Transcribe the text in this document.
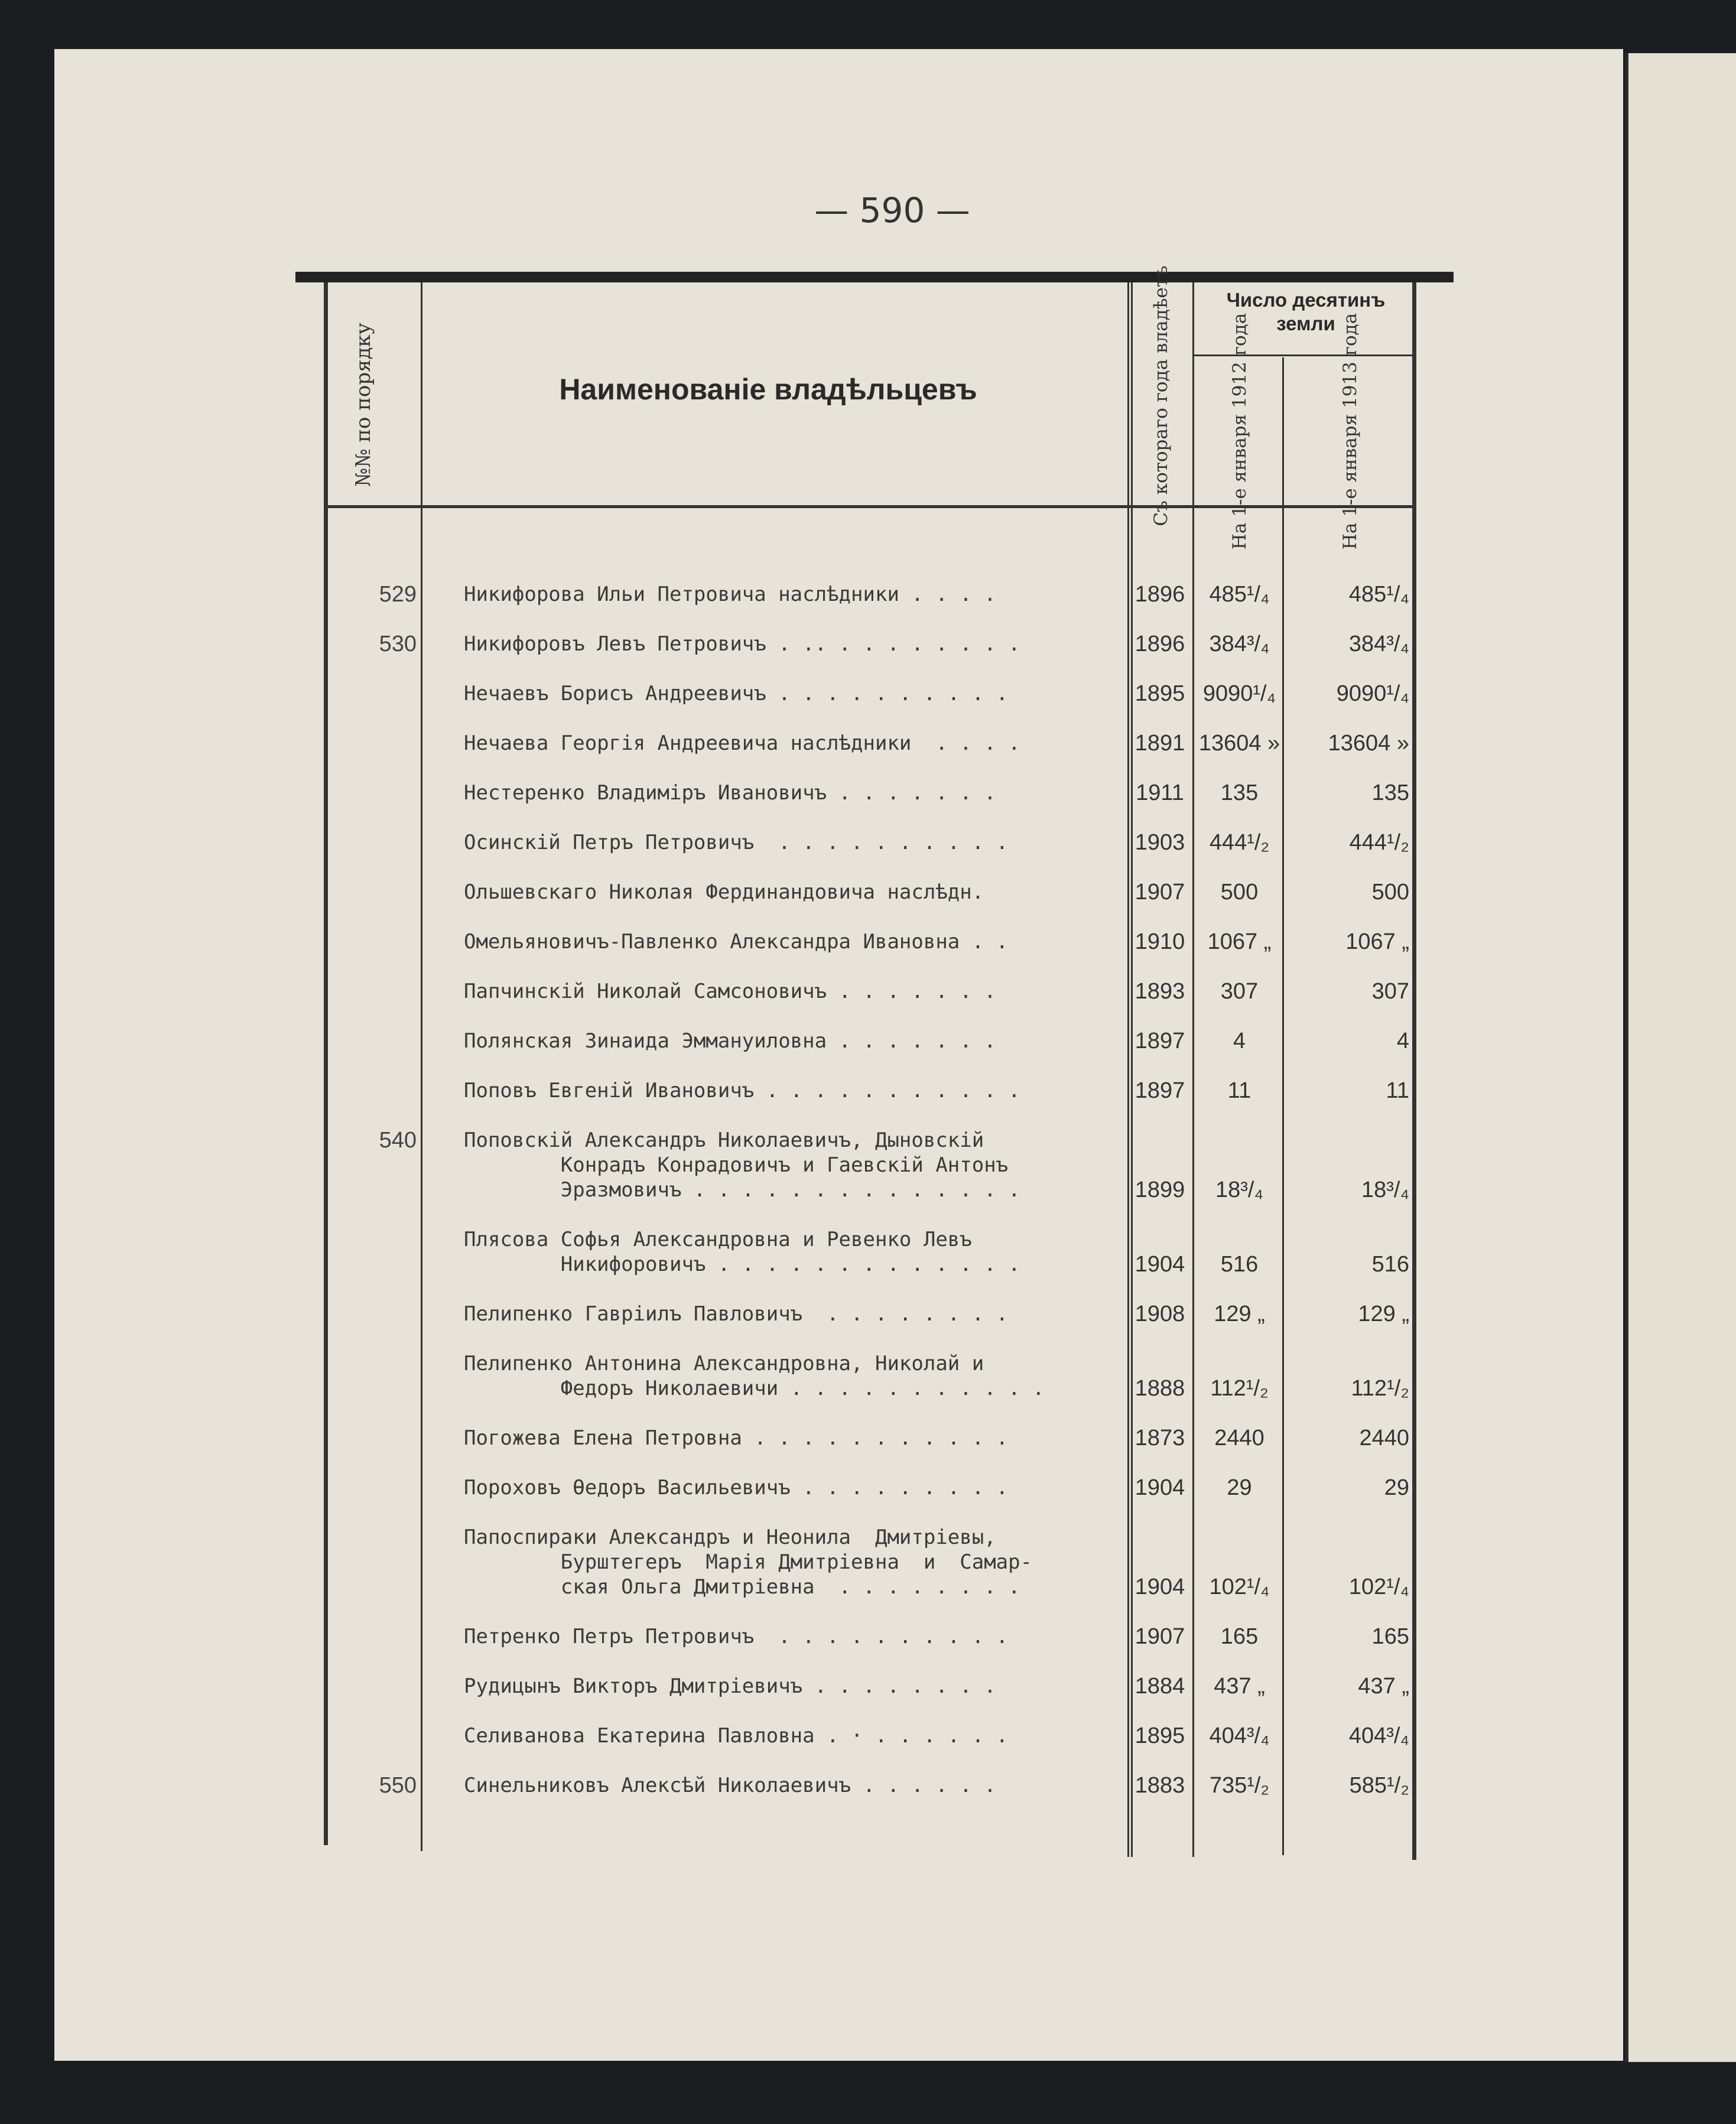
— 590 —
№№ по порядку	Наименованіе владѣльцевъ	Съ котораго года владѣетъ	Число десятинъ земли
На 1-е января 1912 года	На 1-е января 1913 года
529 Никифорова Ильи Петровича наслѣдники . . . .	1896	485¹/₄	485¹/₄
530 Никифоровъ Левъ Петровичъ . .. . . . . . . . .	1896	384³/₄	384³/₄
Нечаевъ Борисъ Андреевичъ . . . . . . . . . .	1895 9090¹/₄	9090¹/₄
Нечаева Георгія Андреевича наслѣдники  . . . .	1891 13604 »	13604 »
Нестеренко Владиміръ Ивановичъ . . . . . . .	1911	135	135
Осинскій Петръ Петровичъ  . . . . . . . . . .	1903	444¹/₂	444¹/₂
Ольшевскаго Николая Фердинандовича наслѣдн.	1907	500	500
Омельяновичъ-Павленко Александра Ивановна . .	1910	1067 „	1067 „
Папчинскій Николай Самсоновичъ . . . . . . .	1893	307	307
Полянская Зинаида Эммануиловна . . . . . . .	1897	4	4
Поповъ Евгеній Ивановичъ . . . . . . . . . . .	1897	11	11
540 Поповскій Александръ Николаевичъ, Дыновскій
Конрадъ Конрадовичъ и Гаевскій Антонъ
Эразмовичъ . . . . . . . . . . . . . .	1899	18³/₄	18³/₄
Плясова Софья Александровна и Ревенко Левъ
Никифоровичъ . . . . . . . . . . . . .	1904	516	516
Пелипенко Гавріилъ Павловичъ  . . . . . . . .	1908	129 „	129 „
Пелипенко Антонина Александровна, Николай и
Федоръ Николаевичи . . . . . . . . . . .	1888	112¹/₂	112¹/₂
Погожева Елена Петровна . . . . . . . . . . .	1873	2440	2440
Пороховъ Ѳедоръ Васильевичъ . . . . . . . . .	1904	29	29
Папоспираки Александръ и Неонила  Дмитріевы,
Бурштегеръ  Марія Дмитріевна  и  Самар-
ская Ольга Дмитріевна  . . . . . . . .	1904	102¹/₄	102¹/₄
Петренко Петръ Петровичъ  . . . . . . . . . .	1907	165	165
Рудицынъ Викторъ Дмитріевичъ . . . . . . . .	1884	437 „	437 „
Селиванова Екатерина Павловна . · . . . . . .	1895	404³/₄	404³/₄
550 Синельниковъ Алексѣй Николаевичъ . . . . . .	1883	735¹/₂	585¹/₂
